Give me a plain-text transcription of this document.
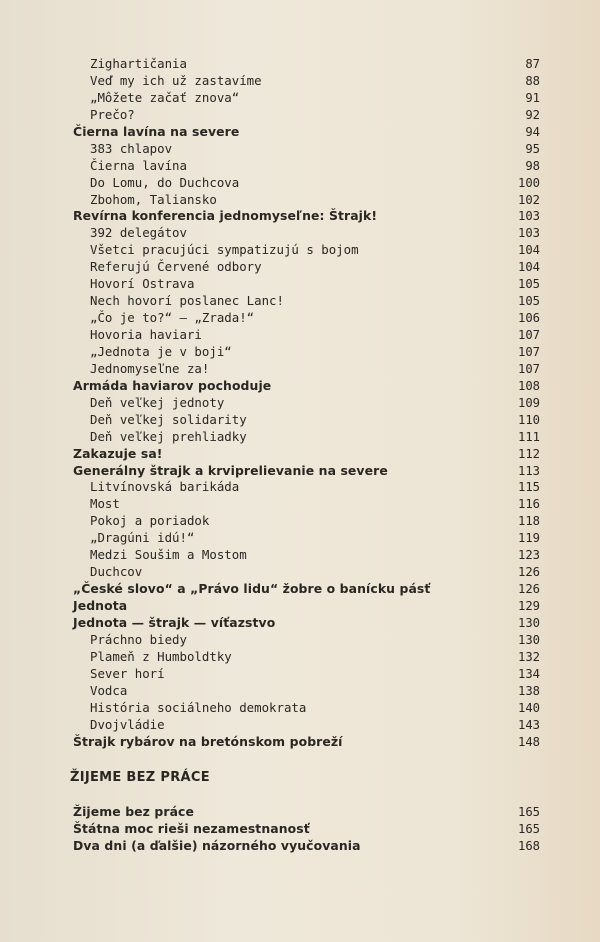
Zighartičania	87
Veď my ich už zastavíme	88
„Môžete začať znova“	91
Prečo?	92
Čierna lavína na severe	94
383 chlapov	95
Čierna lavína	98
Do Lomu, do Duchcova	100
Zbohom, Taliansko	102
Revírna konferencia jednomyseľne: Štrajk!	103
392 delegátov	103
Všetci pracujúci sympatizujú s bojom	104
Referujú Červené odbory	104
Hovorí Ostrava	105
Nech hovorí poslanec Lanc!	105
„Čo je to?“ — „Zrada!“	106
Hovoria haviari	107
„Jednota je v boji“	107
Jednomyseľne za!	107
Armáda haviarov pochoduje	108
Deň veľkej jednoty	109
Deň veľkej solidarity	110
Deň veľkej prehliadky	111
Zakazuje sa!	112
Generálny štrajk a krviprelievanie na severe	113
Litvínovská barikáda	115
Most	116
Pokoj a poriadok	118
„Dragúni idú!“	119
Medzi Soušim a Mostom	123
Duchcov	126
„České slovo“ a „Právo lidu“ žobre o banícku pásť	126
Jednota	129
Jednota — štrajk — víťazstvo	130
Práchno biedy	130
Plameň z Humboldtky	132
Sever horí	134
Vodca	138
História sociálneho demokrata	140
Dvojvládie	143
Štrajk rybárov na bretónskom pobreží	148
ŽIJEME BEZ PRÁCE
Žijeme bez práce	165
Štátna moc rieši nezamestnanosť	165
Dva dni (a ďalšie) názorného vyučovania	168
